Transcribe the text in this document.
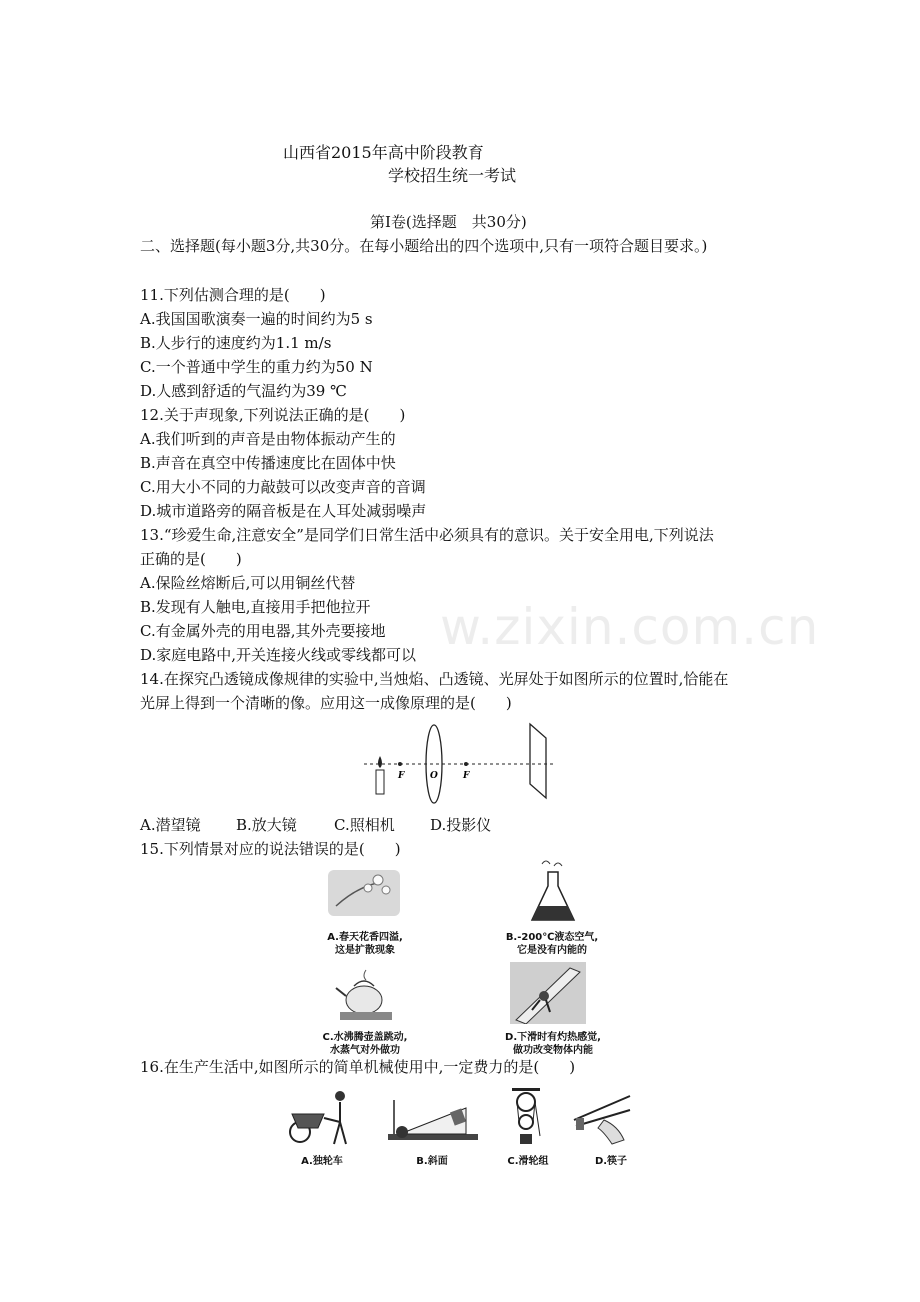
w.zixin.com.cn
山西省2015年高中阶段教育
学校招生统一考试
第Ⅰ卷(选择题　共30分)
二、选择题(每小题3分,共30分。在每小题给出的四个选项中,只有一项符合题目要求。)
11.下列估测合理的是(　　)
A.我国国歌演奏一遍的时间约为5 s
B.人步行的速度约为1.1 m/s
C.一个普通中学生的重力约为50 N
D.人感到舒适的气温约为39 ℃
12.关于声现象,下列说法正确的是(　　)
A.我们听到的声音是由物体振动产生的
B.声音在真空中传播速度比在固体中快
C.用大小不同的力敲鼓可以改变声音的音调
D.城市道路旁的隔音板是在人耳处减弱噪声
13.“珍爱生命,注意安全”是同学们日常生活中必须具有的意识。关于安全用电,下列说法
正确的是(　　)
A.保险丝熔断后,可以用铜丝代替
B.发现有人触电,直接用手把他拉开
C.有金属外壳的用电器,其外壳要接地
D.家庭电路中,开关连接火线或零线都可以
14.在探究凸透镜成像规律的实验中,当烛焰、凸透镜、光屏处于如图所示的位置时,恰能在
光屏上得到一个清晰的像。应用这一成像原理的是(　　)
F	O	F
A.潜望镜 B.放大镜 C.照相机 D.投影仪
15.下列情景对应的说法错误的是(　　)
A.春天花香四溢,
这是扩散现象
B.-200℃液态空气,
它是没有内能的
C.水沸腾壶盖跳动,
水蒸气对外做功
D.下滑时有灼热感觉,
做功改变物体内能
16.在生产生活中,如图所示的简单机械使用中,一定费力的是(　　)
A.独轮车	B.斜面	C.滑轮组	D.筷子
